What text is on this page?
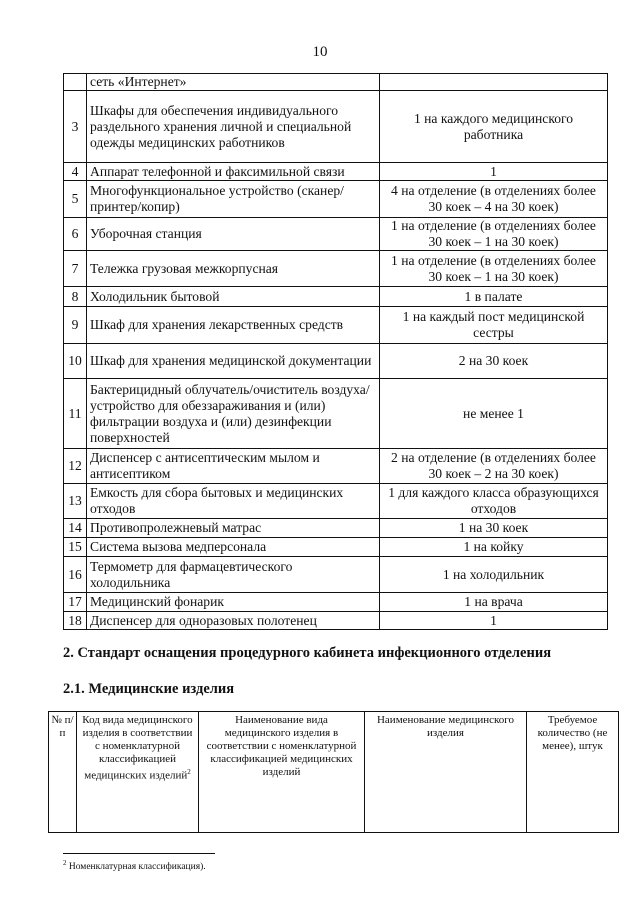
10
	сеть «Интернет»	
3	Шкафы для обеспечения индивидуального раздельного хранения личной и специальной одежды медицинских работников	1 на каждого медицинского работника
4	Аппарат телефонной и факсимильной связи	1
5	Многофункциональное устройство (сканер/принтер/копир)	4 на отделение (в отделениях более 30 коек – 4 на 30 коек)
6	Уборочная станция	1 на отделение (в отделениях более 30 коек – 1 на 30 коек)
7	Тележка грузовая межкорпусная	1 на отделение (в отделениях более 30 коек – 1 на 30 коек)
8	Холодильник бытовой	1 в палате
9	Шкаф для хранения лекарственных средств	1 на каждый пост медицинской сестры
10	Шкаф для хранения медицинской документации	2 на 30 коек
11	Бактерицидный облучатель/очиститель воздуха/устройство для обеззараживания и (или) фильтрации воздуха и (или) дезинфекции поверхностей	не менее 1
12	Диспенсер с антисептическим мылом и антисептиком	2 на отделение (в отделениях более 30 коек – 2 на 30 коек)
13	Емкость для сбора бытовых и медицинских отходов	1 для каждого класса образующихся отходов
14	Противопролежневый матрас	1 на 30 коек
15	Система вызова медперсонала	1 на койку
16	Термометр для фармацевтического холодильника	1 на холодильник
17	Медицинский фонарик	1 на врача
18	Диспенсер для одноразовых полотенец	1
2. Стандарт оснащения процедурного кабинета инфекционного отделения
2.1. Медицинские изделия
№ п/п	Код вида медицинского изделия в соответствии с номенклатурной классификацией медицинских изделий$^2$	Наименование вида медицинского изделия в соответствии с номенклатурной классификацией медицинских изделий	Наименование медицинского изделия	Требуемое количество (не менее), штук
$^2$ Номенклатурная классификация).
